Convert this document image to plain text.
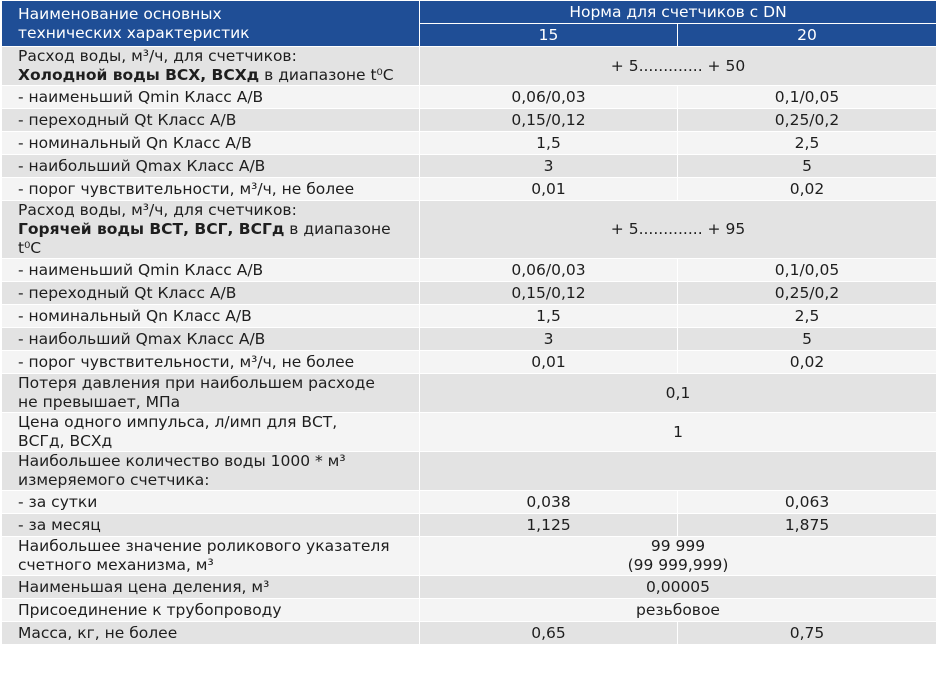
Наименование основных
технических характеристик	Норма для счетчиков с DN	
	15	20
Расход воды, м³/ч, для счетчиков:
Холодной воды ВСХ, ВСХд в диапазоне t⁰С	+ 5............. + 50	
- наименьший Qmin Класс А/В	0,06/0,03	0,1/0,05
- переходный Qt Класс А/В	0,15/0,12	0,25/0,2
- номинальный Qn Класс А/В	1,5	2,5
- наибольший Qmax Класс А/В	3	5
- порог чувствительности, м³/ч, не более	0,01	0,02
Расход воды, м³/ч, для счетчиков:
Горячей воды ВСТ, ВСГ, ВСГд в диапазоне t⁰С	+ 5............. + 95	
- наименьший Qmin Класс А/В	0,06/0,03	0,1/0,05
- переходный Qt Класс А/В	0,15/0,12	0,25/0,2
- номинальный Qn Класс А/В	1,5	2,5
- наибольший Qmax Класс А/В	3	5
- порог чувствительности, м³/ч, не более	0,01	0,02
Потеря давления при наибольшем расходе
не превышает, МПа	0,1	
Цена одного импульса, л/имп для ВСТ,
ВСГд, ВСХд	1	
Наибольшее количество воды 1000 * м³
измеряемого счетчика:		
- за сутки	0,038	0,063
- за месяц	1,125	1,875
Наибольшее значение роликового указателя
счетного механизма, м³	99 999
(99 999,999)	
Наименьшая цена деления, м³	0,00005	
Присоединение к трубопроводу	резьбовое	
Масса, кг, не более	0,65	0,75
